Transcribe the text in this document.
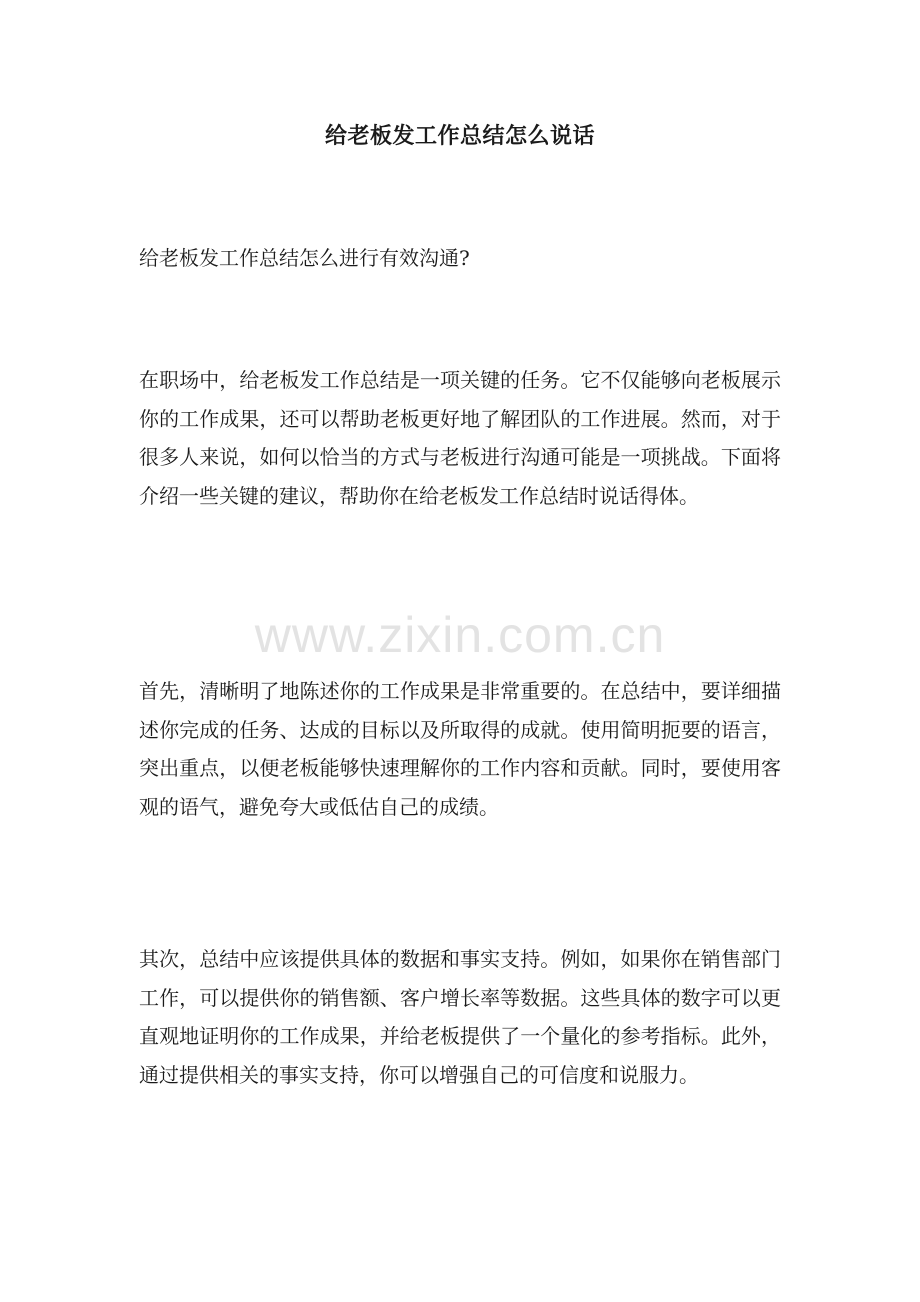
给老板发工作总结怎么说话
给老板发工作总结怎么进行有效沟通?
在职场中，给老板发工作总结是一项关键的任务。它不仅能够向老板展示你的工作成果，还可以帮助老板更好地了解团队的工作进展。然而，对于很多人来说，如何以恰当的方式与老板进行沟通可能是一项挑战。下面将介绍一些关键的建议，帮助你在给老板发工作总结时说话得体。
www.zixin.com.cn
首先，清晰明了地陈述你的工作成果是非常重要的。在总结中，要详细描述你完成的任务、达成的目标以及所取得的成就。使用简明扼要的语言，突出重点，以便老板能够快速理解你的工作内容和贡献。同时，要使用客观的语气，避免夸大或低估自己的成绩。
其次，总结中应该提供具体的数据和事实支持。例如，如果你在销售部门工作，可以提供你的销售额、客户增长率等数据。这些具体的数字可以更直观地证明你的工作成果，并给老板提供了一个量化的参考指标。此外，通过提供相关的事实支持，你可以增强自己的可信度和说服力。
